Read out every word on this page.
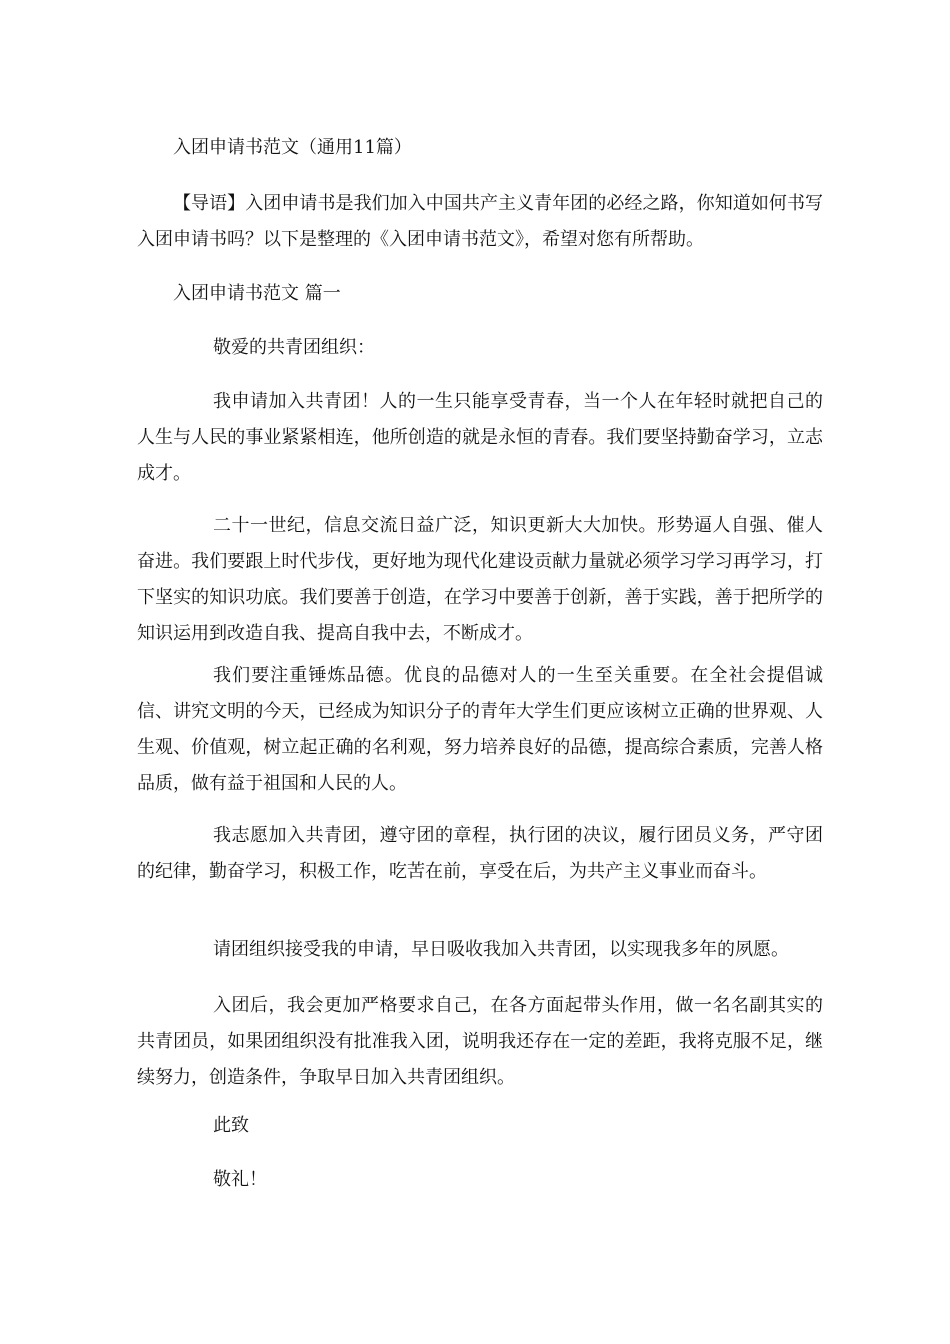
入团申请书范文（通用11篇）

【导语】入团申请书是我们加入中国共产主义青年团的必经之路，你知道如何书写入团申请书吗？以下是整理的《入团申请书范文》，希望对您有所帮助。

入团申请书范文 篇一

敬爱的共青团组织：

我申请加入共青团！人的一生只能享受青春，当一个人在年轻时就把自己的人生与人民的事业紧紧相连，他所创造的就是永恒的青春。我们要坚持勤奋学习，立志成才。

二十一世纪，信息交流日益广泛，知识更新大大加快。形势逼人自强、催人奋进。我们要跟上时代步伐，更好地为现代化建设贡献力量就必须学习学习再学习，打下坚实的知识功底。我们要善于创造，在学习中要善于创新，善于实践，善于把所学的知识运用到改造自我、提高自我中去，不断成才。

我们要注重锤炼品德。优良的品德对人的一生至关重要。在全社会提倡诚信、讲究文明的今天，已经成为知识分子的青年大学生们更应该树立正确的世界观、人生观、价值观，树立起正确的名利观，努力培养良好的品德，提高综合素质，完善人格品质，做有益于祖国和人民的人。

我志愿加入共青团，遵守团的章程，执行团的决议，履行团员义务，严守团的纪律，勤奋学习，积极工作，吃苦在前，享受在后，为共产主义事业而奋斗。

请团组织接受我的申请，早日吸收我加入共青团，以实现我多年的夙愿。

入团后，我会更加严格要求自己，在各方面起带头作用，做一名名副其实的共青团员，如果团组织没有批准我入团，说明我还存在一定的差距，我将克服不足，继续努力，创造条件，争取早日加入共青团组织。

此致

敬礼！
